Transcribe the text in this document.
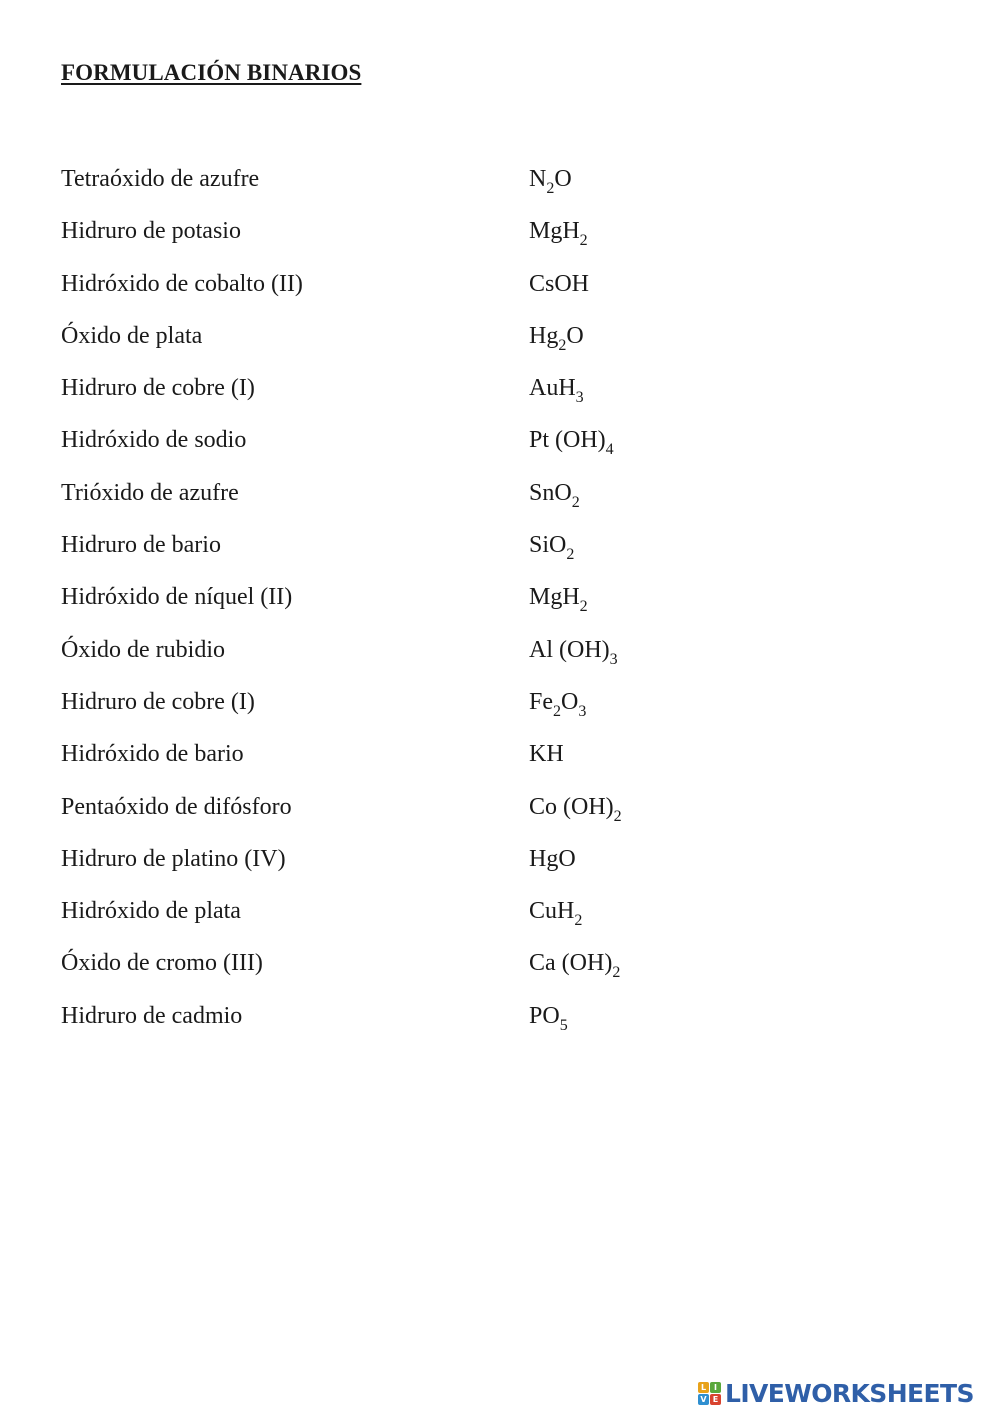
FORMULACIÓN BINARIOS
Tetraóxido de azufre	$N_2O$
Hidruro de potasio	MgH$_2$
Hidróxido de cobalto (II)	CsOH
Óxido de plata	$Hg_2O$
Hidruro de cobre (I)	AuH$_3$
Hidróxido de sodio	Pt $(OH)_4$
Trióxido de azufre	SnO$_2$
Hidruro de bario	SiO$_2$
Hidróxido de níquel (II)	MgH$_2$
Óxido de rubidio	Al $(OH)_3$
Hidruro de cobre (I)	$Fe_2O_3$
Hidróxido de bario	KH
Pentaóxido de difósforo	Co $(OH)_2$
Hidruro de platino (IV)	HgO
Hidróxido de plata	CuH$_2$
Óxido de cromo (III)	Ca $(OH)_2$
Hidruro de cadmio	$PO_5$
L I
V E LIVEWORKSHEETS
